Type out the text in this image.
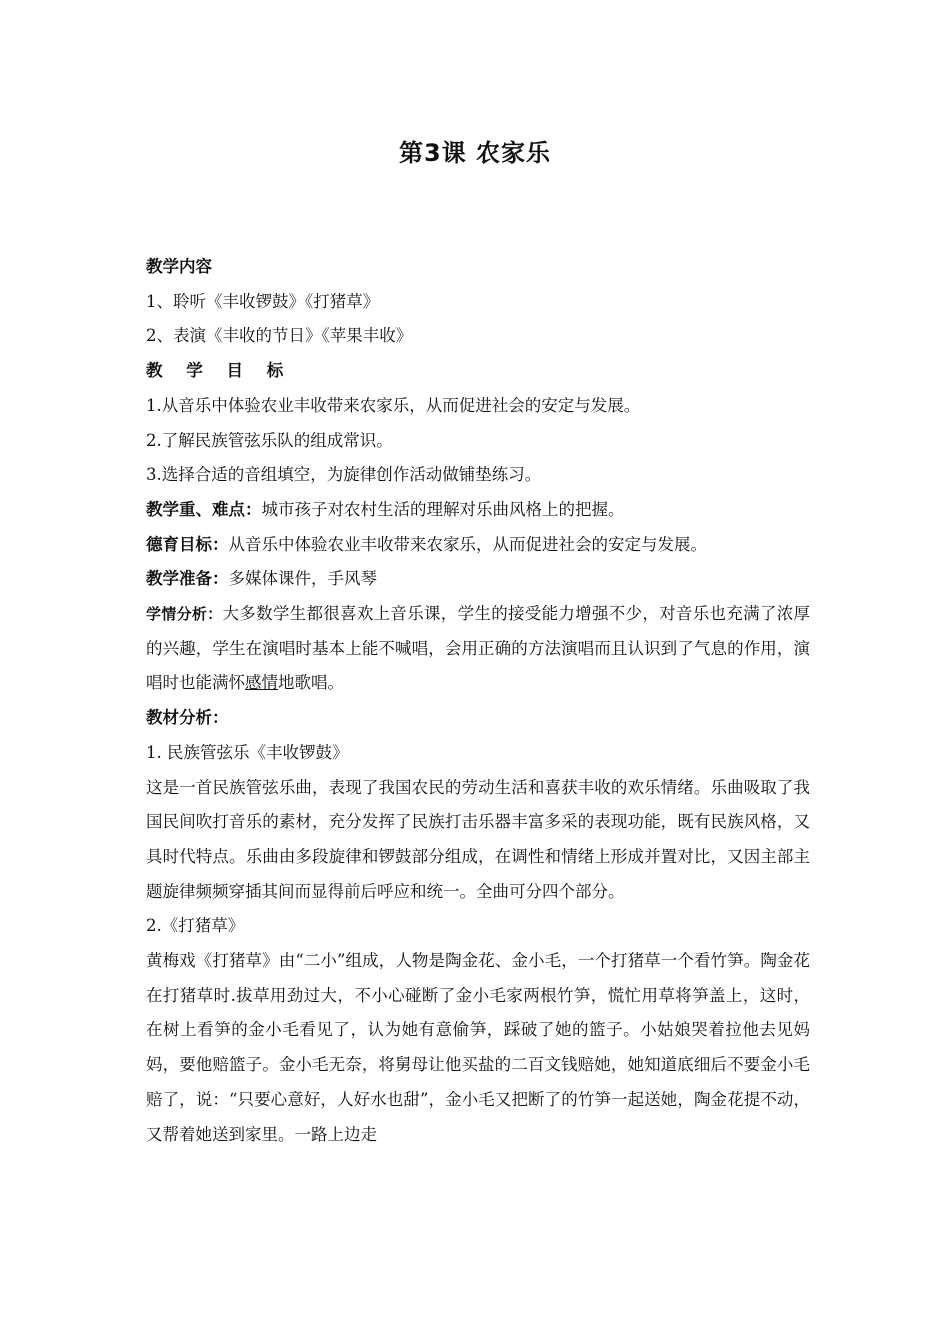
第3课 农家乐
教学内容
1、聆听《丰收锣鼓》《打猪草》
2、表演《丰收的节日》《苹果丰收》
教 学 目 标
1.从音乐中体验农业丰收带来农家乐，从而促进社会的安定与发展。
2.了解民族管弦乐队的组成常识。
3.选择合适的音组填空，为旋律创作活动做铺垫练习。
教学重、难点：城市孩子对农村生活的理解对乐曲风格上的把握。
德育目标：从音乐中体验农业丰收带来农家乐，从而促进社会的安定与发展。
教学准备：多媒体课件，手风琴
学情分析：大多数学生都很喜欢上音乐课，学生的接受能力增强不少，对音乐也充满了浓厚的兴趣，学生在演唱时基本上能不喊唱，会用正确的方法演唱而且认识到了气息的作用，演唱时也能满怀感情地歌唱。
教材分析：
1. 民族管弦乐《丰收锣鼓》
这是一首民族管弦乐曲，表现了我国农民的劳动生活和喜获丰收的欢乐情绪。乐曲吸取了我国民间吹打音乐的素材，充分发挥了民族打击乐器丰富多采的表现功能，既有民族风格，又具时代特点。乐曲由多段旋律和锣鼓部分组成，在调性和情绪上形成并置对比，又因主部主题旋律频频穿插其间而显得前后呼应和统一。全曲可分四个部分。
2.《打猪草》
黄梅戏《打猪草》由“二小”组成，人物是陶金花、金小毛，一个打猪草一个看竹笋。陶金花在打猪草时.拔草用劲过大，不小心碰断了金小毛家两根竹笋，慌忙用草将笋盖上，这时，在树上看笋的金小毛看见了，认为她有意偷笋，踩破了她的篮子。小姑娘哭着拉他去见妈妈，要他赔篮子。金小毛无奈，将舅母让他买盐的二百文钱赔她，她知道底细后不要金小毛赔了，说：“只要心意好，人好水也甜”，金小毛又把断了的竹笋一起送她，陶金花提不动，又帮着她送到家里。一路上边走
